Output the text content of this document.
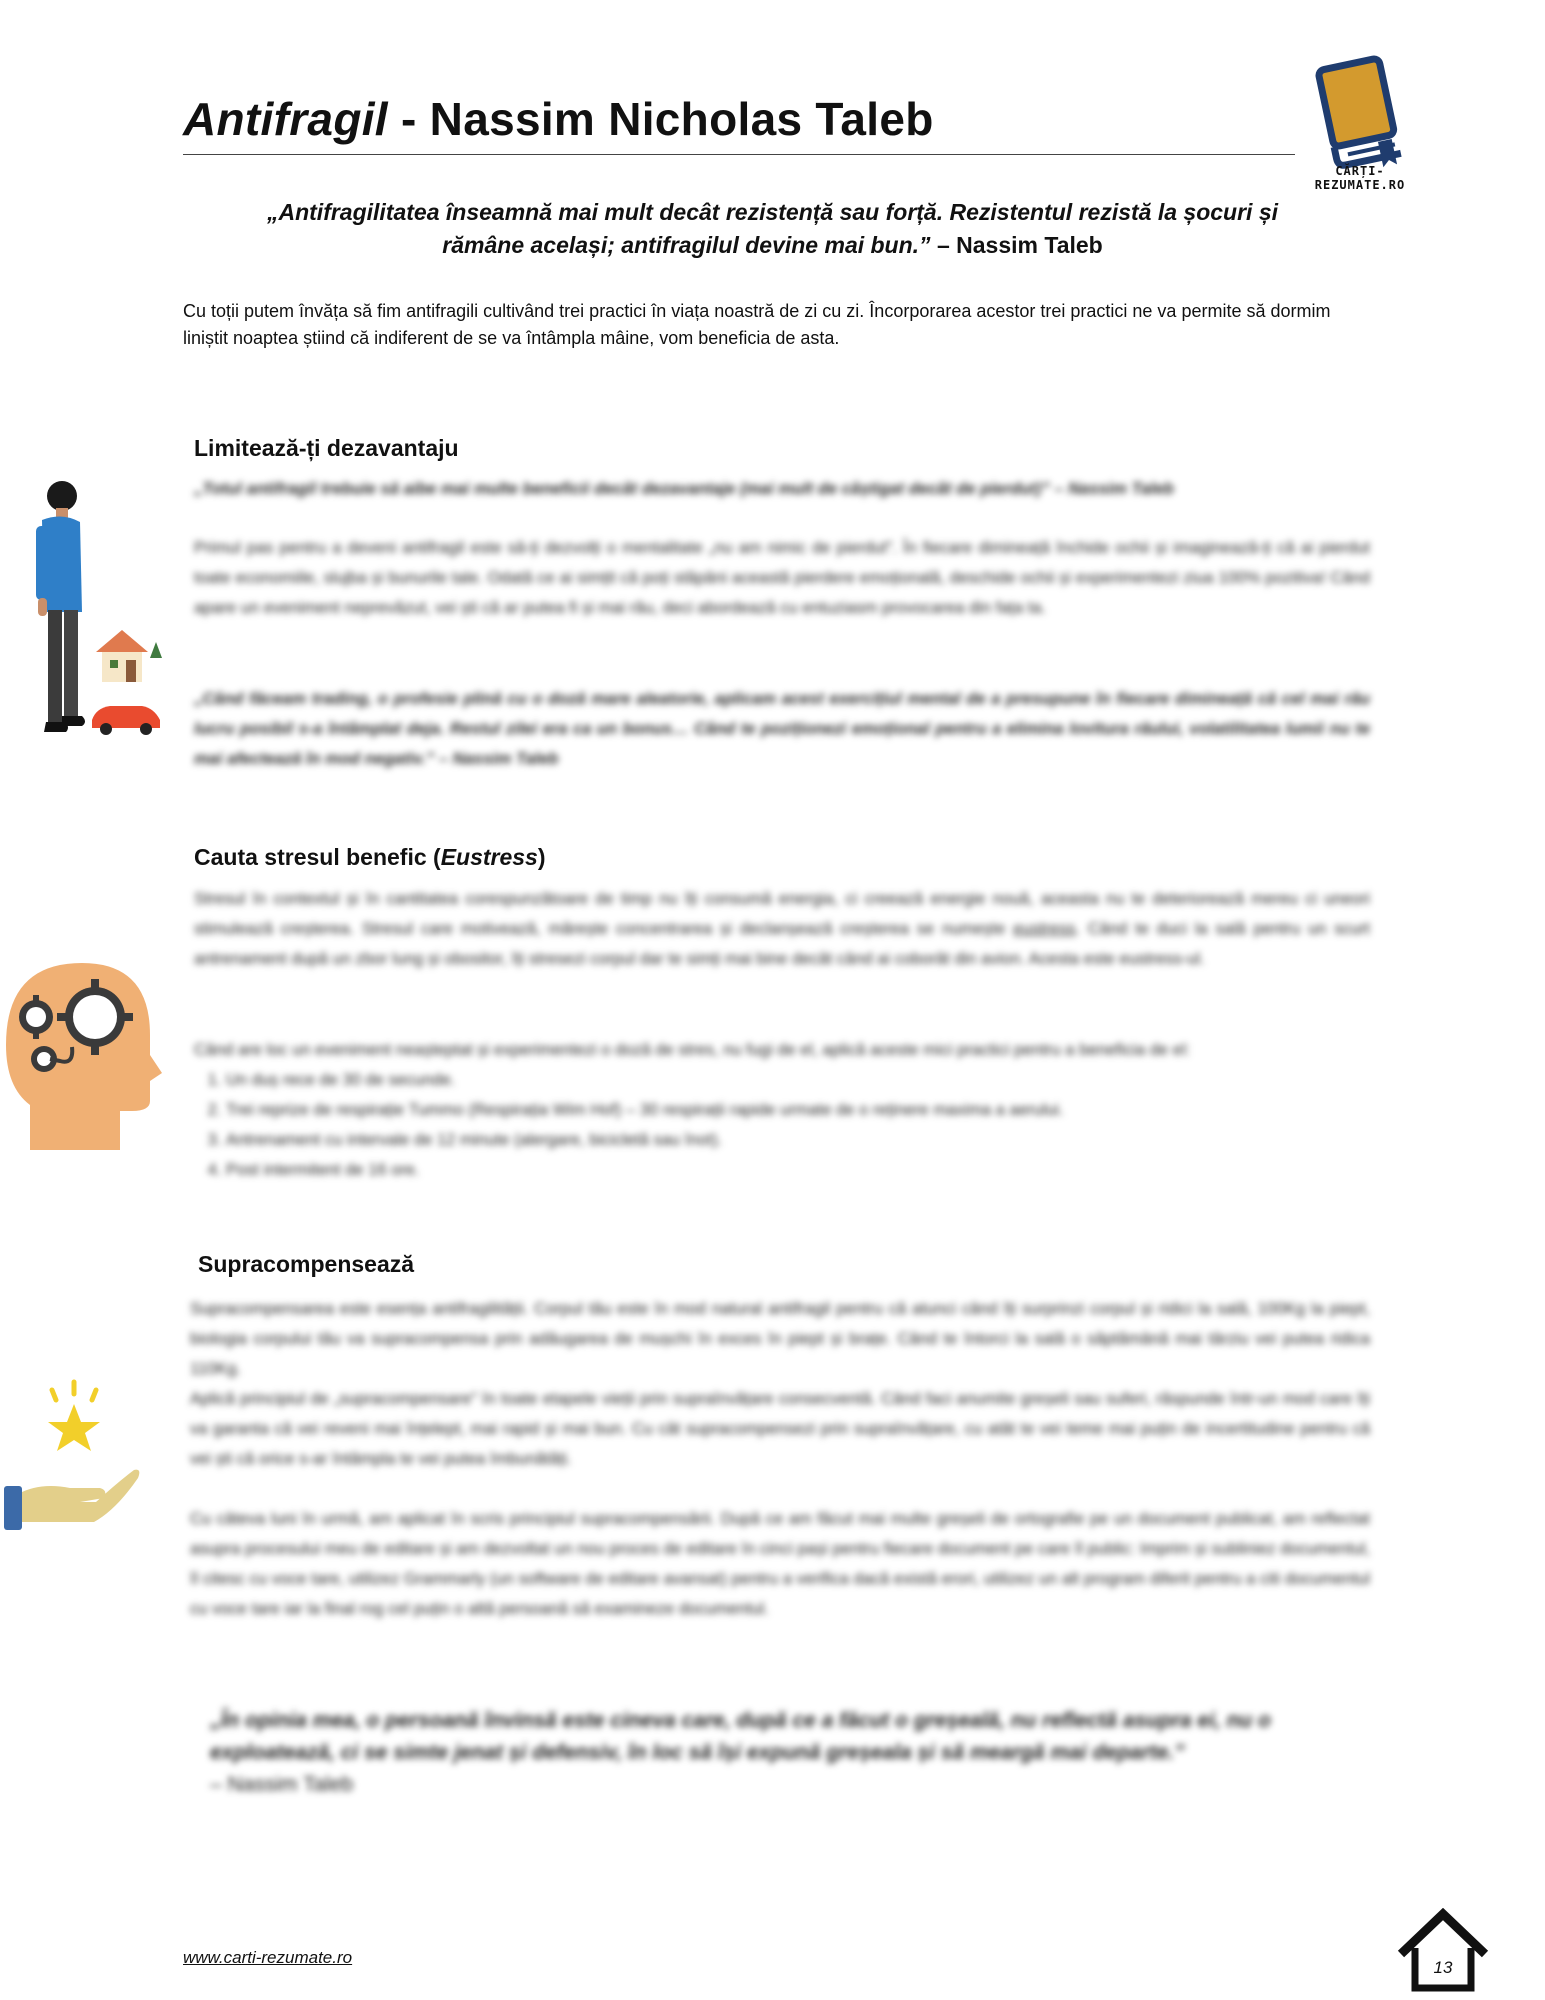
Antifragil - Nassim Nicholas Taleb
CĂRȚI-REZUMATE.RO
„Antifragilitatea înseamnă mai mult decât rezistență sau forță. Rezistentul rezistă la șocuri și rămâne același; antifragilul devine mai bun.” – Nassim Taleb
Cu toții putem învăța să fim antifragili cultivând trei practici în viața noastră de zi cu zi. Încorporarea acestor trei practici ne va permite să dormim liniștit noaptea știind că indiferent de se va întâmpla mâine, vom beneficia de asta.
Limitează-ți dezavantaju
„Totul antifragil trebuie să aibe mai multe beneficii decât dezavantaje (mai mult de câștigat decât de pierdut)” – Nassim Taleb
Primul pas pentru a deveni antifragil este să-ți dezvolți o mentalitate „nu am nimic de pierdut”. În fiecare dimineață închide ochii și imaginează-ți că ai pierdut toate economiile, slujba și bunurile tale. Odată ce ai simțit că poți stăpâni această pierdere emoțională, deschide ochii și experimentezi ziua 100% pozitiva! Când apare un eveniment neprevăzut, vei ști că ar putea fi și mai rău, deci abordează cu entuziasm provocarea din fața ta.
„Când făceam trading, o profesie plină cu o doză mare aleatorie, aplicam acest exercițiul mental de a presupune în fiecare dimineață că cel mai rău lucru posibil s-a întâmplat deja. Restul zilei era ca un bonus… Când te poziționezi emoțional pentru a elimina lovitura răului, volatilitatea lumii nu te mai afectează în mod negativ.” – Nassim Taleb
Cauta stresul benefic (Eustress)
Stresul în contextul și în cantitatea corespunzătoare de timp nu îți consumă energia, ci creează energie nouă, aceasta nu te deteriorează mereu ci uneori stimulează creșterea. Stresul care motivează, mărește concentrarea și declanșează creșterea se numește eustress. Când te duci la sală pentru un scurt antrenament după un zbor lung și obositor, îți stresezi corpul dar te simți mai bine decât când ai coborât din avion. Acesta este eustress-ul.

Când are loc un eveniment neașteptat și experimentezi o doză de stres, nu fugi de el, aplică aceste mici practici pentru a beneficia de el:

1. Un duș rece de 30 de secunde.
2. Trei reprize de respirație Tummo (Respirația Wim Hof) – 30 respirații rapide urmate de o reținere maxima a aerului.
3. Antrenament cu intervale de 12 minute (alergare, bicicletă sau înot).
4. Post intermitent de 16 ore.
Supracompensează
Supracompensarea este esența antifragilității. Corpul tău este în mod natural antifragil pentru că atunci când îți surprinzi corpul și ridici la sală, 100Kg la piept, biologia corpului tău va supracompensa prin adăugarea de mușchi în exces în piept și brațe. Când te întorci la sală o săptămână mai târziu vei putea ridica 110Kg.
Aplică principiul de „supracompensare” în toate etapele vieții prin supraînvățare consecventă. Când faci anumite greșeli sau suferi, răspunde într-un mod care îți va garanta că vei reveni mai înțelept, mai rapid și mai bun. Cu cât supracompensezi prin supraînvățare, cu atât te vei teme mai puțin de incertitudine pentru că vei ști că orice s-ar întâmpla te vei putea îmbunătăți.
Cu câteva luni în urmă, am aplicat în scris principiul supracompensării. După ce am făcut mai multe greșeli de ortografie pe un document publicat, am reflectat asupra procesului meu de editare și am dezvoltat un nou proces de editare în cinci pași pentru fiecare document pe care îl public: Imprim și subliniez documentul, îl citesc cu voce tare, utilizez Grammarly (un software de editare avansat) pentru a verifica dacă există erori, utilizez un alt program diferit pentru a citi documentul cu voce tare iar la final rog cel puțin o altă persoană să examineze documentul.
„În opinia mea, o persoană învinsă este cineva care, după ce a făcut o greșeală, nu reflectă asupra ei, nu o exploatează, ci se simte jenat și defensiv, în loc să își expună greșeala și să meargă mai departe.”
– Nassim Taleb
www.carti-rezumate.ro
13
